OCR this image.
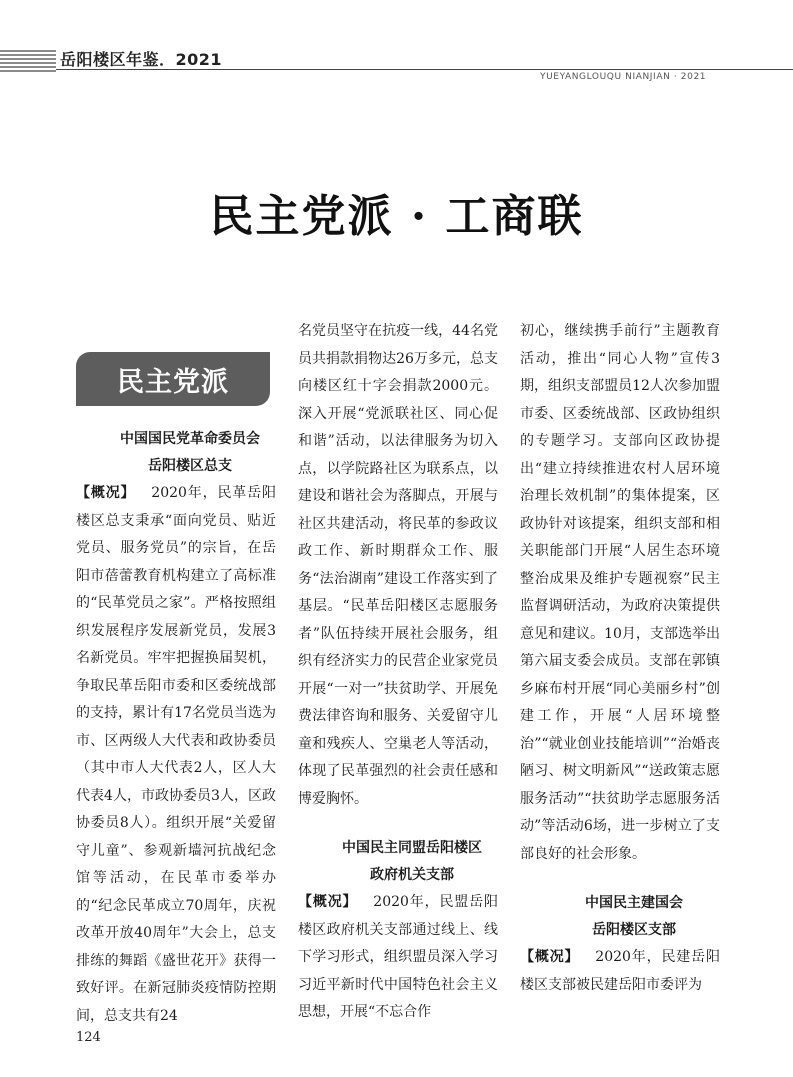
岳阳楼区年鉴．2021
YUEYANGLOUQU NIANJIAN · 2021
民主党派 · 工商联
民主党派

中国国民党革命委员会

岳阳楼区总支

【概况】 2020年，民革岳阳楼区总支秉承“面向党员、贴近党员、服务党员”的宗旨，在岳阳市蓓蕾教育机构建立了高标准的“民革党员之家”。严格按照组织发展程序发展新党员，发展3名新党员。牢牢把握换届契机，争取民革岳阳市委和区委统战部的支持，累计有17名党员当选为市、区两级人大代表和政协委员（其中市人大代表2人，区人大代表4人，市政协委员3人，区政协委员8人）。组织开展“关爱留守儿童”、参观新墙河抗战纪念馆等活动，在民革市委举办的“纪念民革成立70周年，庆祝改革开放40周年”大会上，总支排练的舞蹈《盛世花开》获得一致好评。在新冠肺炎疫情防控期间，总支共有24

名党员坚守在抗疫一线，44名党员共捐款捐物达26万多元，总支向楼区红十字会捐款2000元。深入开展“党派联社区、同心促和谐”活动，以法律服务为切入点，以学院路社区为联系点，以建设和谐社会为落脚点，开展与社区共建活动，将民革的参政议政工作、新时期群众工作、服务“法治湖南”建设工作落实到了基层。“民革岳阳楼区志愿服务者”队伍持续开展社会服务，组织有经济实力的民营企业家党员开展“一对一”扶贫助学、开展免费法律咨询和服务、关爱留守儿童和残疾人、空巢老人等活动，体现了民革强烈的社会责任感和博爱胸怀。

中国民主同盟岳阳楼区

政府机关支部

【概况】 2020年，民盟岳阳楼区政府机关支部通过线上、线下学习形式，组织盟员深入学习习近平新时代中国特色社会主义思想，开展“不忘合作

初心，继续携手前行”主题教育活动，推出“同心人物”宣传3期，组织支部盟员12人次参加盟市委、区委统战部、区政协组织的专题学习。支部向区政协提出“建立持续推进农村人居环境治理长效机制”的集体提案，区政协针对该提案，组织支部和相关职能部门开展“人居生态环境整治成果及维护专题视察”民主监督调研活动，为政府决策提供意见和建议。10月，支部选举出第六届支委会成员。支部在郭镇乡麻布村开展“同心美丽乡村”创建工作，开展“人居环境整治”“就业创业技能培训”“治婚丧陋习、树文明新风”“送政策志愿服务活动”“扶贫助学志愿服务活动”等活动6场，进一步树立了支部良好的社会形象。

中国民主建国会

岳阳楼区支部

【概况】 2020年，民建岳阳楼区支部被民建岳阳市委评为

124
